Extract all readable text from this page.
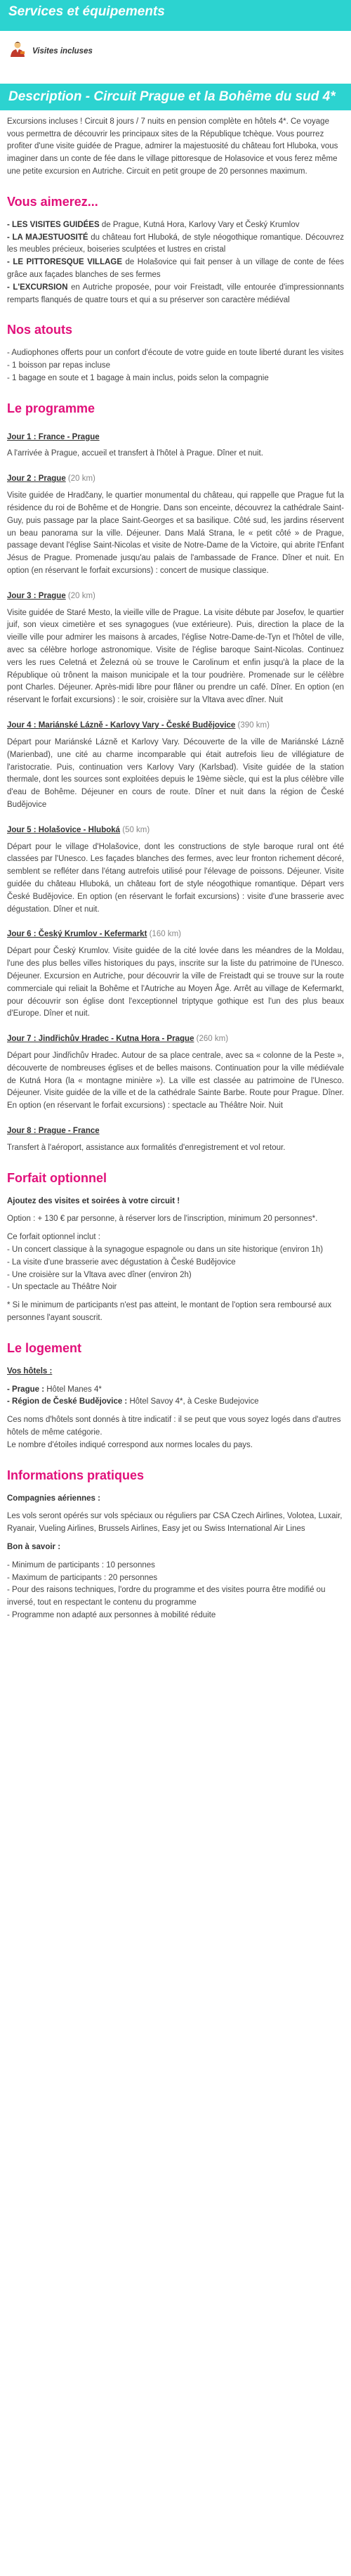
Services et équipements
Visites incluses
Description - Circuit Prague et la Bohême du sud 4*

Excursions incluses ! Circuit 8 jours / 7 nuits en pension complète en hôtels 4*. Ce voyage vous permettra de découvrir les principaux sites de la République tchèque. Vous pourrez profiter d'une visite guidée de Prague, admirer la majestuosité du château fort Hluboka, vous imaginer dans un conte de fée dans le village pittoresque de Holasovice et vous ferez même une petite excursion en Autriche. Circuit en petit groupe de 20 personnes maximum.

Vous aimerez...

- LES VISITES GUIDÉES de Prague, Kutná Hora, Karlovy Vary et Český Krumlov

- LA MAJESTUOSITÉ du château fort Hluboká, de style néogothique romantique. Découvrez les meubles précieux, boiseries sculptées et lustres en cristal

- LE PITTORESQUE VILLAGE de Holašovice qui fait penser à un village de conte de fées grâce aux façades blanches de ses fermes

- L'EXCURSION en Autriche proposée, pour voir Freistadt, ville entourée d'impressionnants remparts flanqués de quatre tours et qui a su préserver son caractère médiéval

Nos atouts

- Audiophones offerts pour un confort d'écoute de votre guide en toute liberté durant les visites

- 1 boisson par repas incluse

- 1 bagage en soute et 1 bagage à main inclus, poids selon la compagnie

Le programme
Jour 1 : France - Prague

A l'arrivée à Prague, accueil et transfert à l'hôtel à Prague. Dîner et nuit.

Jour 2 : Prague (20 km)

Visite guidée de Hradčany, le quartier monumental du château, qui rappelle que Prague fut la résidence du roi de Bohême et de Hongrie. Dans son enceinte, découvrez la cathédrale Saint-Guy, puis passage par la place Saint-Georges et sa basilique. Côté sud, les jardins réservent un beau panorama sur la ville. Déjeuner. Dans Malá Strana, le « petit côté » de Prague, passage devant l'église Saint-Nicolas et visite de Notre-Dame de la Victoire, qui abrite l'Enfant Jésus de Prague. Promenade jusqu'au palais de l'ambassade de France. Dîner et nuit. En option (en réservant le forfait excursions) : concert de musique classique.

Jour 3 : Prague (20 km)

Visite guidée de Staré Mesto, la vieille ville de Prague. La visite débute par Josefov, le quartier juif, son vieux cimetière et ses synagogues (vue extérieure). Puis, direction la place de la vieille ville pour admirer les maisons à arcades, l'église Notre-Dame-de-Tyn et l'hôtel de ville, avec sa célèbre horloge astronomique. Visite de l'église baroque Saint-Nicolas. Continuez vers les rues Celetná et Železná où se trouve le Carolinum et enfin jusqu'à la place de la République où trônent la maison municipale et la tour poudrière. Promenade sur le célèbre pont Charles. Déjeuner. Après-midi libre pour flâner ou prendre un café. Dîner. En option (en réservant le forfait excursions) : le soir, croisière sur la Vltava avec dîner. Nuit

Jour 4 : Mariánské Lázně - Karlovy Vary - České Budějovice (390 km)

Départ pour Mariánské Lázně et Karlovy Vary. Découverte de la ville de Mariánské Lázně (Marienbad), une cité au charme incomparable qui était autrefois lieu de villégiature de l'aristocratie. Puis, continuation vers Karlovy Vary (Karlsbad). Visite guidée de la station thermale, dont les sources sont exploitées depuis le 19ème siècle, qui est la plus célèbre ville d'eau de Bohême. Déjeuner en cours de route. Dîner et nuit dans la région de České Budějovice

Jour 5 : Holašovice - Hluboká (50 km)

Départ pour le village d'Holašovice, dont les constructions de style baroque rural ont été classées par l'Unesco. Les façades blanches des fermes, avec leur fronton richement décoré, semblent se refléter dans l'étang autrefois utilisé pour l'élevage de poissons. Déjeuner. Visite guidée du château Hluboká, un château fort de style néogothique romantique. Départ vers České Budějovice. En option (en réservant le forfait excursions) : visite d'une brasserie avec dégustation. Dîner et nuit.

Jour 6 : Český Krumlov - Kefermarkt (160 km)

Départ pour Český Krumlov. Visite guidée de la cité lovée dans les méandres de la Moldau, l'une des plus belles villes historiques du pays, inscrite sur la liste du patrimoine de l'Unesco. Déjeuner. Excursion en Autriche, pour découvrir la ville de Freistadt qui se trouve sur la route commerciale qui reliait la Bohême et l'Autriche au Moyen Âge. Arrêt au village de Kefermarkt, pour découvrir son église dont l'exceptionnel triptyque gothique est l'un des plus beaux d'Europe. Dîner et nuit.

Jour 7 : Jindřichův Hradec - Kutna Hora - Prague (260 km)

Départ pour Jindřichův Hradec. Autour de sa place centrale, avec sa « colonne de la Peste », découverte de nombreuses églises et de belles maisons. Continuation pour la ville médiévale de Kutná Hora (la « montagne minière »). La ville est classée au patrimoine de l'Unesco. Déjeuner. Visite guidée de la ville et de la cathédrale Sainte Barbe. Route pour Prague. Dîner. En option (en réservant le forfait excursions) : spectacle au Théâtre Noir. Nuit

Jour 8 : Prague - France

Transfert à l'aéroport, assistance aux formalités d'enregistrement et vol retour.

Forfait optionnel

Ajoutez des visites et soirées à votre circuit !

Option : + 130 € par personne, à réserver lors de l'inscription, minimum 20 personnes*.

Ce forfait optionnel inclut :

- Un concert classique à la synagogue espagnole ou dans un site historique (environ 1h)

- La visite d'une brasserie avec dégustation à České Budějovice

- Une croisière sur la Vltava avec dîner (environ 2h)

- Un spectacle au Théâtre Noir

* Si le minimum de participants n'est pas atteint, le montant de l'option sera remboursé aux personnes l'ayant souscrit.

Le logement

Vos hôtels :

- Prague : Hôtel Manes 4*

- Région de České Budějovice : Hôtel Savoy 4*, à Ceske Budejovice

Ces noms d'hôtels sont donnés à titre indicatif : il se peut que vous soyez logés dans d'autres hôtels de même catégorie.

Le nombre d'étoiles indiqué correspond aux normes locales du pays.

Informations pratiques

Compagnies aériennes :

Les vols seront opérés sur vols spéciaux ou réguliers par CSA Czech Airlines, Volotea, Luxair, Ryanair, Vueling Airlines, Brussels Airlines, Easy jet ou Swiss International Air Lines

Bon à savoir :

- Minimum de participants : 10 personnes

- Maximum de participants : 20 personnes

- Pour des raisons techniques, l'ordre du programme et des visites pourra être modifié ou inversé, tout en respectant le contenu du programme

- Programme non adapté aux personnes à mobilité réduite
